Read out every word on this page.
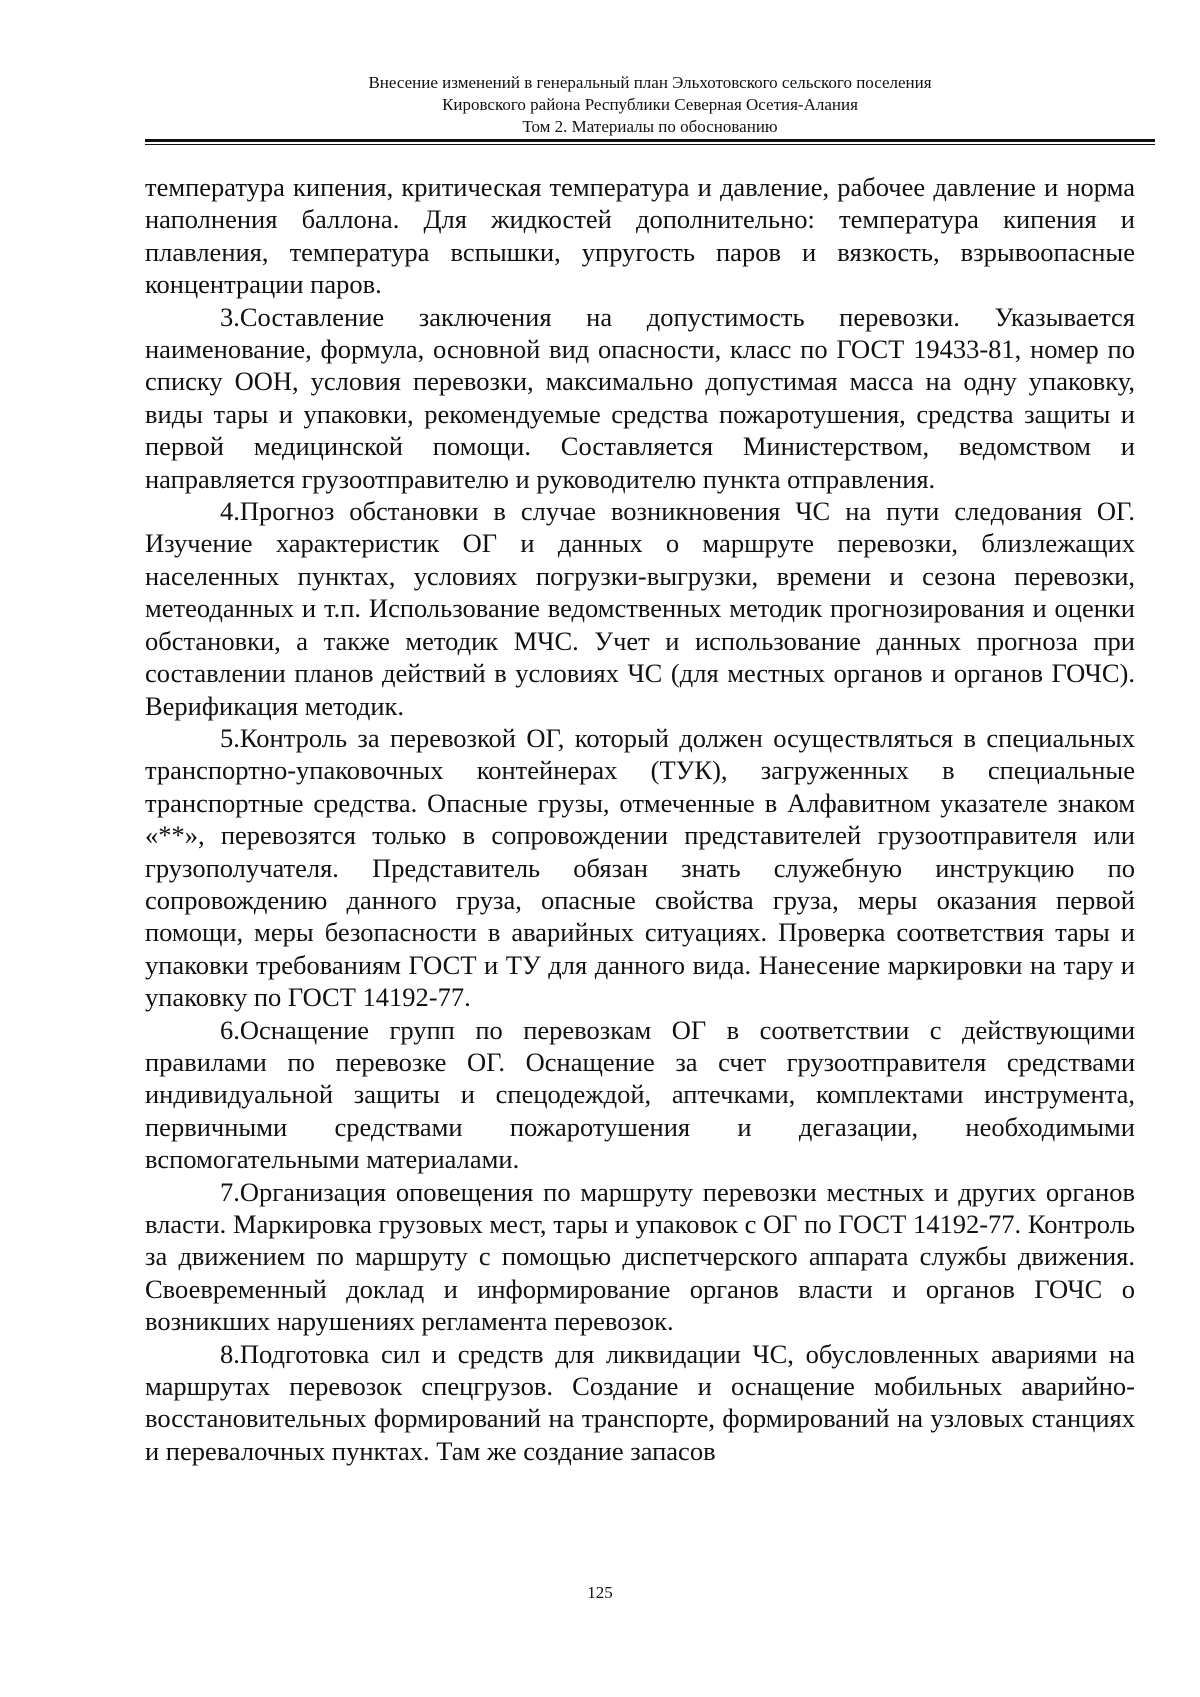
Внесение изменений в генеральный план Эльхотовского сельского поселения
Кировского района Республики Северная Осетия-Алания
Том 2. Материалы по обоснованию

температура кипения, критическая температура и давление, рабочее давление и норма наполнения баллона. Для жидкостей дополнительно: температура кипения и плавления, температура вспышки, упругость паров и вязкость, взрывоопасные концентрации паров.

3.Составление заключения на допустимость перевозки. Указывается наименование, формула, основной вид опасности, класс по ГОСТ 19433-81, номер по списку ООН, условия перевозки, максимально допустимая масса на одну упаковку, виды тары и упаковки, рекомендуемые средства пожаротушения, средства защиты и первой медицинской помощи. Составляется Министерством, ведомством и направляется грузоотправителю и руководителю пункта отправления.

4.Прогноз обстановки в случае возникновения ЧС на пути следования ОГ. Изучение характеристик ОГ и данных о маршруте перевозки, близлежащих населенных пунктах, условиях погрузки-выгрузки, времени и сезона перевозки, метеоданных и т.п. Использование ведомственных методик прогнозирования и оценки обстановки, а также методик МЧС. Учет и использование данных прогноза при составлении планов действий в условиях ЧС (для местных органов и органов ГОЧС). Верификация методик.

5.Контроль за перевозкой ОГ, который должен осуществляться в специальных транспортно-упаковочных контейнерах (ТУК), загруженных в специальные транспортные средства. Опасные грузы, отмеченные в Алфавитном указателе знаком «**», перевозятся только в сопровождении представителей грузоотправителя или грузополучателя. Представитель обязан знать служебную инструкцию по сопровождению данного груза, опасные свойства груза, меры оказания первой помощи, меры безопасности в аварийных ситуациях. Проверка соответствия тары и упаковки требованиям ГОСТ и ТУ для данного вида. Нанесение маркировки на тару и упаковку по ГОСТ 14192-77.

6.Оснащение групп по перевозкам ОГ в соответствии с действующими правилами по перевозке ОГ. Оснащение за счет грузоотправителя средствами индивидуальной защиты и спецодеждой, аптечками, комплектами инструмента, первичными средствами пожаротушения и дегазации, необходимыми вспомогательными материалами.

7.Организация оповещения по маршруту перевозки местных и других органов власти. Маркировка грузовых мест, тары и упаковок с ОГ по ГОСТ 14192-77. Контроль за движением по маршруту с помощью диспетчерского аппарата службы движения. Своевременный доклад и информирование органов власти и органов ГОЧС о возникших нарушениях регламента перевозок.

8.Подготовка сил и средств для ликвидации ЧС, обусловленных авариями на маршрутах перевозок спецгрузов. Создание и оснащение мобильных аварийно-восстановительных формирований на транспорте, формирований на узловых станциях и перевалочных пунктах. Там же создание запасов

125
